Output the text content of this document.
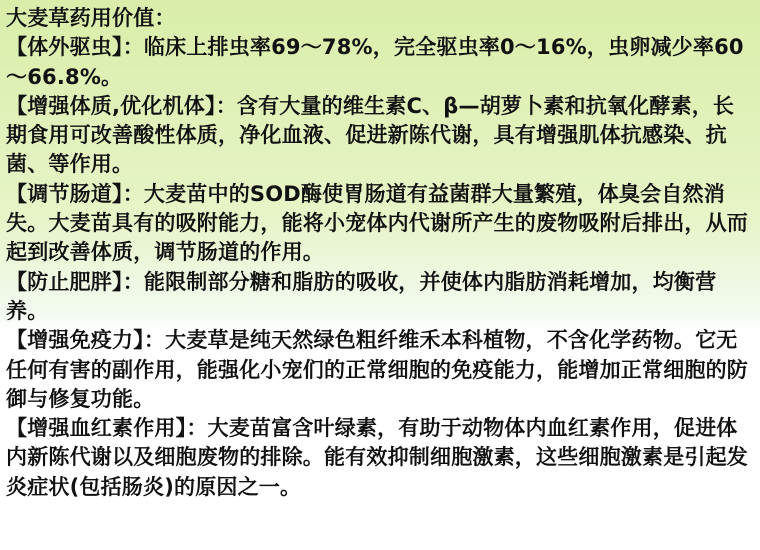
大麦草药用价值：

【体外驱虫】：临床上排虫率69～78%，完全驱虫率0～16%，虫卵减少率60～66.8%。

【增强体质,优化机体】：含有大量的维生素C、β—胡萝卜素和抗氧化酵素，长期食用可改善酸性体质，净化血液、促进新陈代谢，具有增强肌体抗感染、抗菌、等作用。

【调节肠道】：大麦苗中的SOD酶使胃肠道有益菌群大量繁殖，体臭会自然消失。大麦苗具有的吸附能力，能将小宠体内代谢所产生的废物吸附后排出，从而起到改善体质，调节肠道的作用。

【防止肥胖】：能限制部分糖和脂肪的吸收，并使体内脂肪消耗增加，均衡营养。

【增强免疫力】：大麦草是纯天然绿色粗纤维禾本科植物，不含化学药物。它无任何有害的副作用，能强化小宠们的正常细胞的免疫能力，能增加正常细胞的防御与修复功能。

【增强血红素作用】：大麦苗富含叶绿素，有助于动物体内血红素作用，促进体内新陈代谢以及细胞废物的排除。能有效抑制细胞激素，这些细胞激素是引起发炎症状(包括肠炎)的原因之一。
